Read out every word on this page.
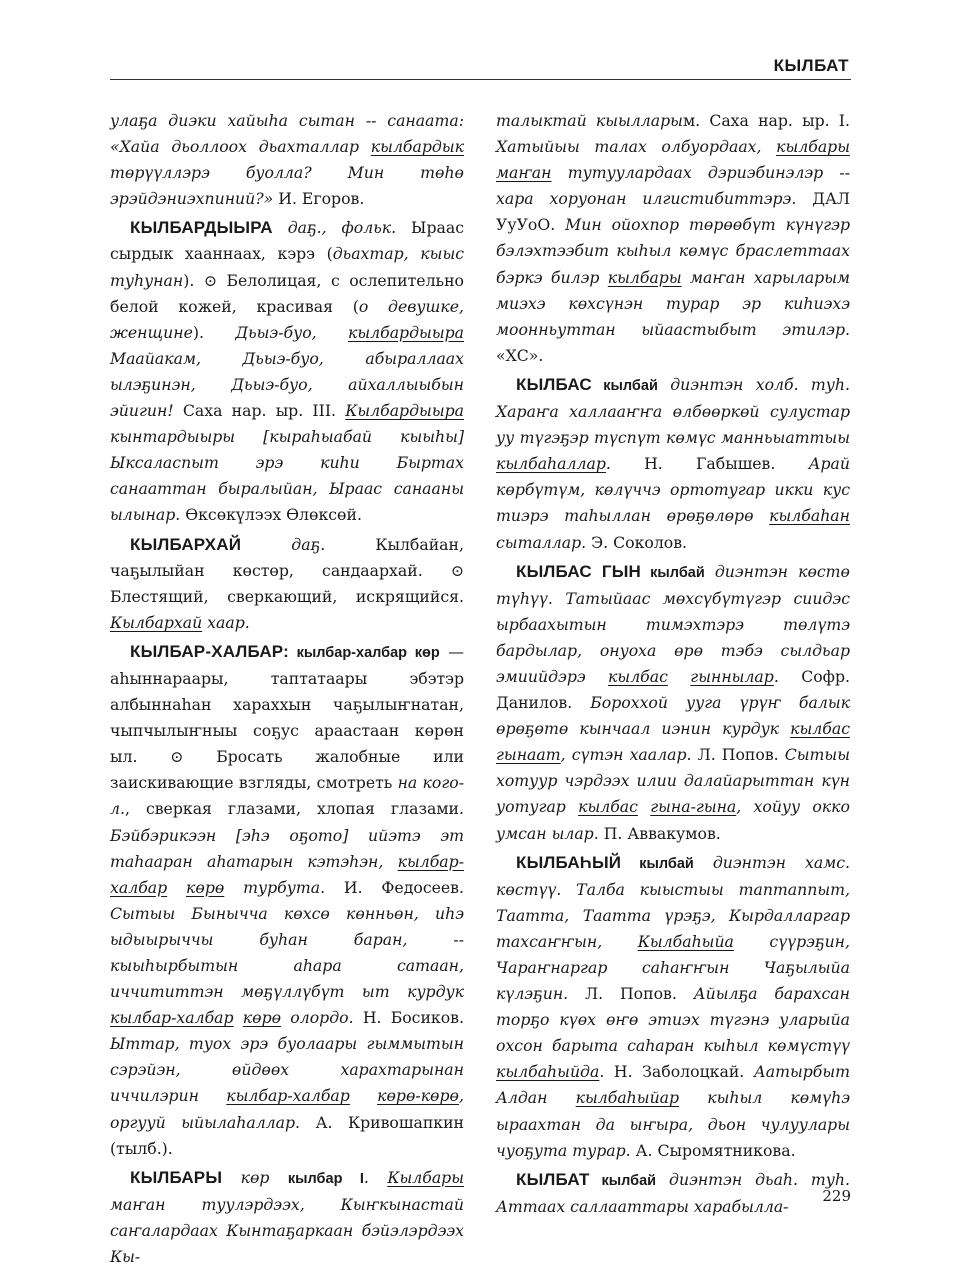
КЫЛБАТ

улаҕа диэки хайыһа сытан -- санаата: «Хайа дьоллоох дьахталлар кылбардык төрүүллэрэ буолла? Мин төһө эрэйдэниэхпиний?» И. Егоров.

КЫЛБАРДЫЫРА даҕ., фольк. Ыраас сырдык хааннаах, кэрэ (дьахтар, кыыс туһунан). ⊙ Белолицая, с ослепительно белой кожей, красивая (о девушке, женщине). Дьыэ-буо, кылбардыыра Маайакам, Дьыэ-буо, абыраллаах ылэҕинэн, Дьыэ-буо, айхаллыыбын эйигин! Саха нар. ыр. III. Кылбардыыра кынтардыыры [кыраһыабай кыыһы] Ыксаласпыт эрэ киһи Быртах санааттан быралыйан, Ыраас санааны ылынар. Өксөкүлээх Өлөксөй.

КЫЛБАРХАЙ даҕ. Кылбайан, чаҕылыйан көстөр, сандаархай. ⊙ Блестящий, сверкающий, искрящийся. Кылбархай хаар.

КЫЛБАР-ХАЛБАР: кылбар-халбар көр — аһыннараары, таптатаары эбэтэр албыннаһан хараххын чаҕылыҥнатан, чыпчылыҥныы соҕус араастаан көрөн ыл. ⊙ Бросать жалобные или заискивающие взгляды, смотреть на кого-л., сверкая глазами, хлопая глазами. Бэйбэрикээн [эһэ оҕото] ийэтэ эт таһааран аһатарын кэтэһэн, кылбар-халбар көрө турбута. И. Федосеев. Сытыы Бынычча көхсө көнньөн, иһэ ыдыырыччы буһан баран, -- кыыһырбытын аһара сатаан, иччититтэн мөҕүллүбүт ыт курдук кылбар-халбар көрө олордо. Н. Босиков. Ыттар, туох эрэ буолаары гыммытын сэрэйэн, өйдөөх харахтарынан иччилэрин кылбар-халбар көрө-көрө, оргууй ыйылаһаллар. А. Кривошапкин (тылб.).

КЫЛБАРЫ көр кылбар I. Кылбары маҥан туулэрдээх, Кыҥкынастай саҥалардаах Кынтаҕаркаан бэйэлэрдээх Кы-

талыктай кыылларым. Саха нар. ыр. I. Хатыйыы талах олбуордаах, кылбары маҥан тутуулардаах дэриэбинэлэр -- хара хоруонан илгистибиттэрэ. ДАЛ УуУоО. Мин ойохпор төрөөбүт күнүгэр бэлэхтээбит кыһыл көмүс браслеттаах бэркэ билэр кылбары маҥан харыларым миэхэ көхсүнэн турар эр киһиэхэ моонньуттан ыйаастыбыт этилэр. «ХС».

КЫЛБАС кылбай диэнтэн холб. туһ. Хараҥа халлааҥҥа өлбөөркөй сулустар уу түгэҕэр түспүт көмүс манньыаттыы кылбаһаллар. Н. Габышев. Арай көрбүтүм, көлүччэ ортотугар икки кус тиэрэ таһыллан өрөҕөлөрө кылбаһан сыталлар. Э. Соколов.

КЫЛБАС ГЫН кылбай диэнтэн көстө түһүү. Татыйаас мөхсүбүтүгэр сиидэс ырбаахытын тимэхтэрэ төлүтэ бардылар, онуоха өрө тэбэ сылдьар эмиийдэрэ кылбас гыннылар. Софр. Данилов. Бороххой ууга үрүҥ балык өрөҕөтө кынчаал иэнин курдук кылбас гынаат, сүтэн хаалар. Л. Попов. Сытыы хотуур чэрдээх илии далайарыттан күн уотугар кылбас гына-гына, хойуу окко умсан ылар. П. Аввакумов.

КЫЛБАҺЫЙ кылбай диэнтэн хамс. көстүү. Талба кыыстыы таптаппыт, Таатта, Таатта үрэҕэ, Кырдалларгар тахсаҥҥын, Кылбаһыйа сүүрэҕин, Чараҥнаргар саһаҥҥын Чаҕылыйа күлэҕин. Л. Попов. Айылҕа барахсан торҕо күөх өҥө этиэх түгэнэ уларыйа охсон барыта саһаран кыһыл көмүстүү кылбаһыйда. Н. Заболоцкай. Аатырбыт Алдан кылбаһыйар кыһыл көмүһэ ыраахтан да ыҥыра, дьон чулуулары чуоҕута турар. А. Сыромятникова.

КЫЛБАТ кылбай диэнтэн дьаһ. туһ. Аттаах саллааттары харабылла-

229
